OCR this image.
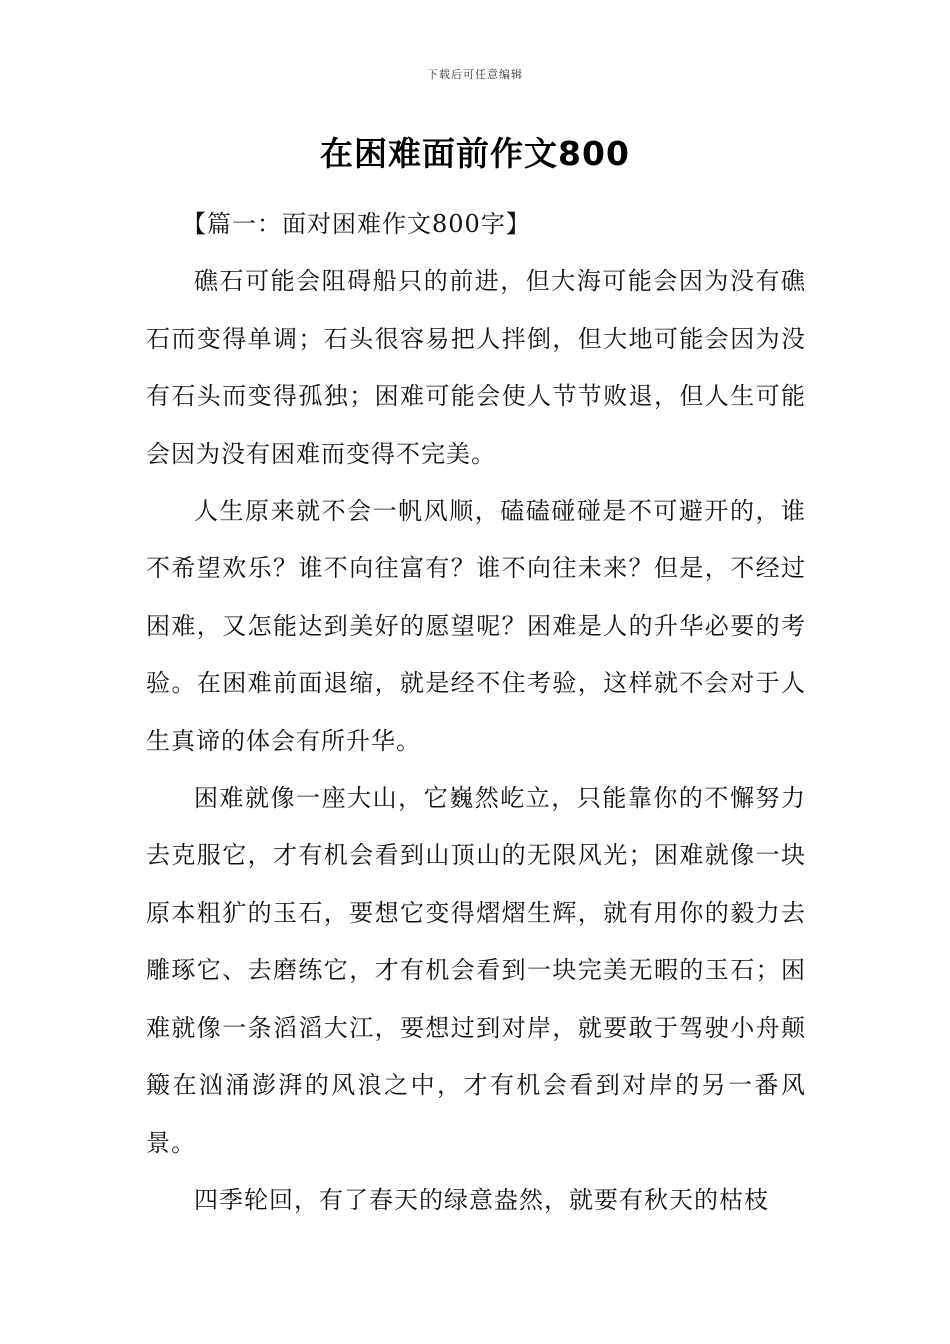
下载后可任意编辑
在困难面前作文800

【篇一：面对困难作文800字】

礁石可能会阻碍船只的前进，但大海可能会因为没有礁石而变得单调；石头很容易把人拌倒，但大地可能会因为没有石头而变得孤独；困难可能会使人节节败退，但人生可能会因为没有困难而变得不完美。

人生原来就不会一帆风顺，磕磕碰碰是不可避开的，谁不希望欢乐？谁不向往富有？谁不向往未来？但是，不经过困难，又怎能达到美好的愿望呢？困难是人的升华必要的考验。在困难前面退缩，就是经不住考验，这样就不会对于人生真谛的体会有所升华。

困难就像一座大山，它巍然屹立，只能靠你的不懈努力去克服它，才有机会看到山顶山的无限风光；困难就像一块原本粗犷的玉石，要想它变得熠熠生辉，就有用你的毅力去雕琢它、去磨练它，才有机会看到一块完美无暇的玉石；困难就像一条滔滔大江，要想过到对岸，就要敢于驾驶小舟颠簸在汹涌澎湃的风浪之中，才有机会看到对岸的另一番风景。

四季轮回，有了春天的绿意盎然，就要有秋天的枯枝
